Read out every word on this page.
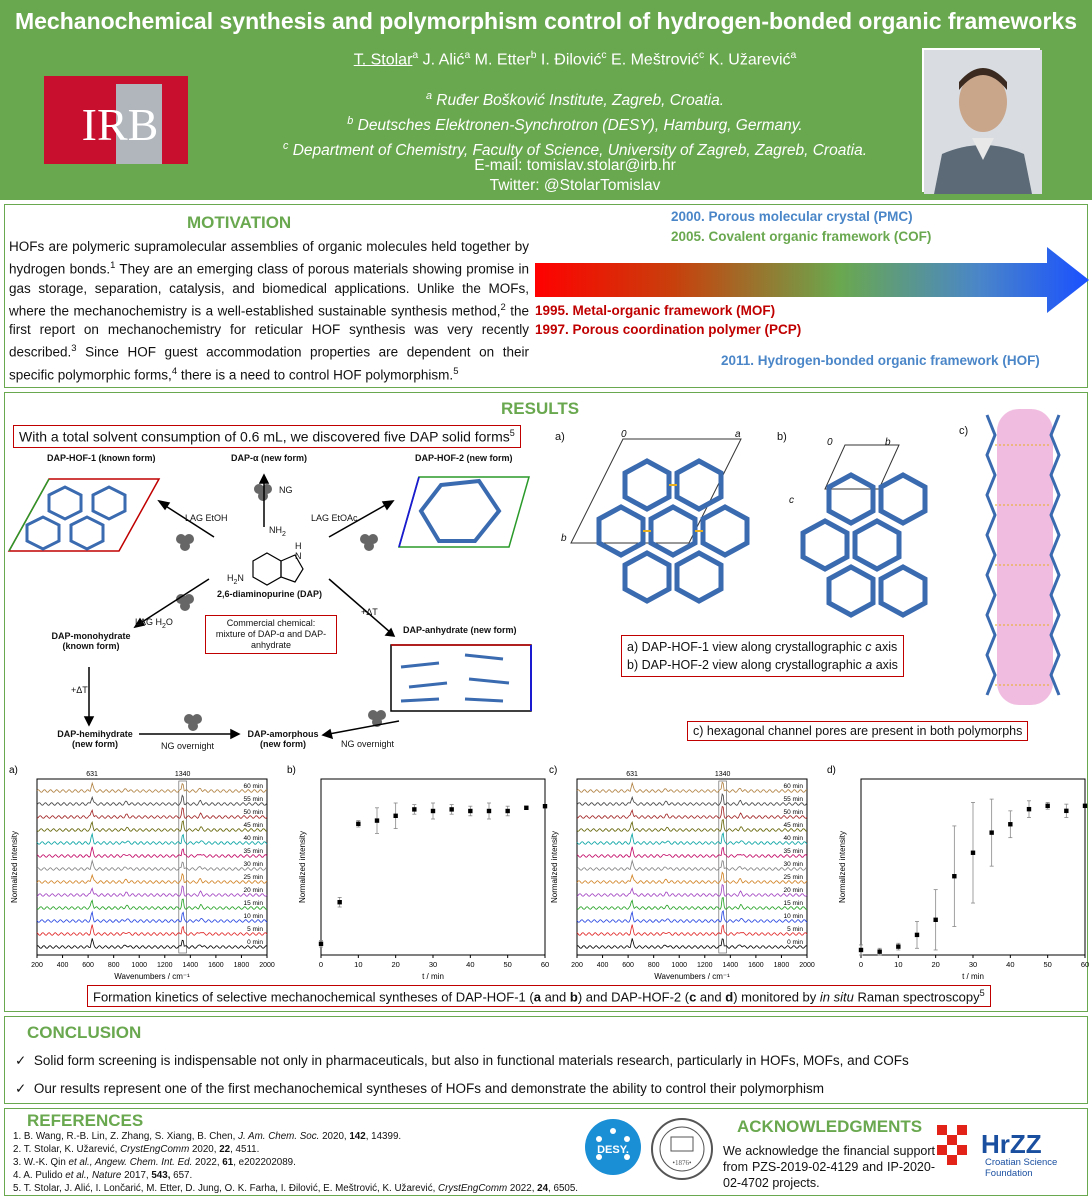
Mechanochemical synthesis and polymorphism control of hydrogen-bonded organic frameworks
T. Stolar$^a$ J. Alić$^a$ M. Etter$^b$ I. Đilović$^c$ E. Meštrović$^c$ K. Užarević$^a$
$^a$ Ruđer Bošković Institute, Zagreb, Croatia.
$^b$ Deutsches Elektronen-Synchrotron (DESY), Hamburg, Germany.
$^c$ Department of Chemistry, Faculty of Science, University of Zagreb, Zagreb, Croatia.
E-mail: tomislav.stolar@irb.hr
Twitter: @StolarTomislav
IRB
MOTIVATION
HOFs are polymeric supramolecular assemblies of organic molecules held together by hydrogen bonds.$^1$ They are an emerging class of porous materials showing promise in gas storage, separation, catalysis, and biomedical applications. Unlike the MOFs, where the mechanochemistry is a well-established sustainable synthesis method,$^2$ the first report on mechanochemistry for reticular HOF synthesis was very recently described.$^3$ Since HOF guest accommodation properties are dependent on their specific polymorphic forms,$^4$ there is a need to control HOF polymorphism.$^5$
2000. Porous molecular crystal (PMC)
2005. Covalent organic framework (COF)
1995. Metal-organic framework (MOF)
1997. Porous coordination polymer (PCP)
2011. Hydrogen-bonded organic framework (HOF)
RESULTS
With a total solvent consumption of 0.6 mL, we discovered five DAP solid forms$^5$
DAP-HOF-1 (known form)	DAP-α (new form)	DAP-HOF-2 (new form)
NG
LAG EtOH	LAG EtOAc
$NH_2$
H
N
$H_2N$
2,6-diaminopurine (DAP)
LAG $H_2O$
+ΔT
Commercial chemical: mixture of DAP-α and DAP-anhydrate
DAP-monohydrate
(known form)
DAP-anhydrate (new form)
+ΔT
DAP-hemihydrate
(new form)
DAP-amorphous
(new form)
NG overnight	NG overnight
a)	b)	c)
0	a
b
0	b
c
a) DAP-HOF-1 view along crystallographic c axis
b) DAP-HOF-2 view along crystallographic a axis
c) hexagonal channel pores are present in both polymorphs
a)
200 400 600 800 1000 1200 1400 1600 1800 2000
Wavenumbers / cm⁻¹
Normalized intensity
631	1340
0 min
5 min
10 min
15 min
20 min
25 min
30 min
35 min
40 min
45 min
50 min
55 min
60 min
b)
0	10	20	30	40	50	60
t / min
Normalized intensity
c)
200 400 600 800 1000 1200 1400 1600 1800 2000
Wavenumbers / cm⁻¹
Normalized intensity
631	1340
0 min
5 min
10 min
15 min
20 min
25 min
30 min
35 min
40 min
45 min
50 min
55 min
60 min
d)
0	10	20	30	40	50	60
t / min
Normalized intensity
Formation kinetics of selective mechanochemical syntheses of DAP-HOF-1 (a and b) and DAP-HOF-2 (c and d) monitored by in situ Raman spectroscopy$^5$
CONCLUSION
✓ Solid form screening is indispensable not only in pharmaceuticals, but also in functional materials research, particularly in HOFs, MOFs, and COFs
✓ Our results represent one of the first mechanochemical syntheses of HOFs and demonstrate the ability to control their polymorphism
REFERENCES
1. B. Wang, R.-B. Lin, Z. Zhang, S. Xiang, B. Chen, J. Am. Chem. Soc. 2020, 142, 14399.
2. T. Stolar, K. Užarević, CrystEngComm 2020, 22, 4511.
3. W.-K. Qin et al., Angew. Chem. Int. Ed. 2022, 61, e202202089.
4. A. Pulido et al., Nature 2017, 543, 657.
5. T. Stolar, J. Alić, I. Lončarić, M. Etter, D. Jung, O. K. Farha, I. Đilović, E. Meštrović, K. Užarević, CrystEngComm 2022, 24, 6505.
DESY.
•1876•
ACKNOWLEDGMENTS
We acknowledge the financial support from PZS-2019-02-4129 and IP-2020-02-4702 projects.
HrZZ
Croatian Science
Foundation
